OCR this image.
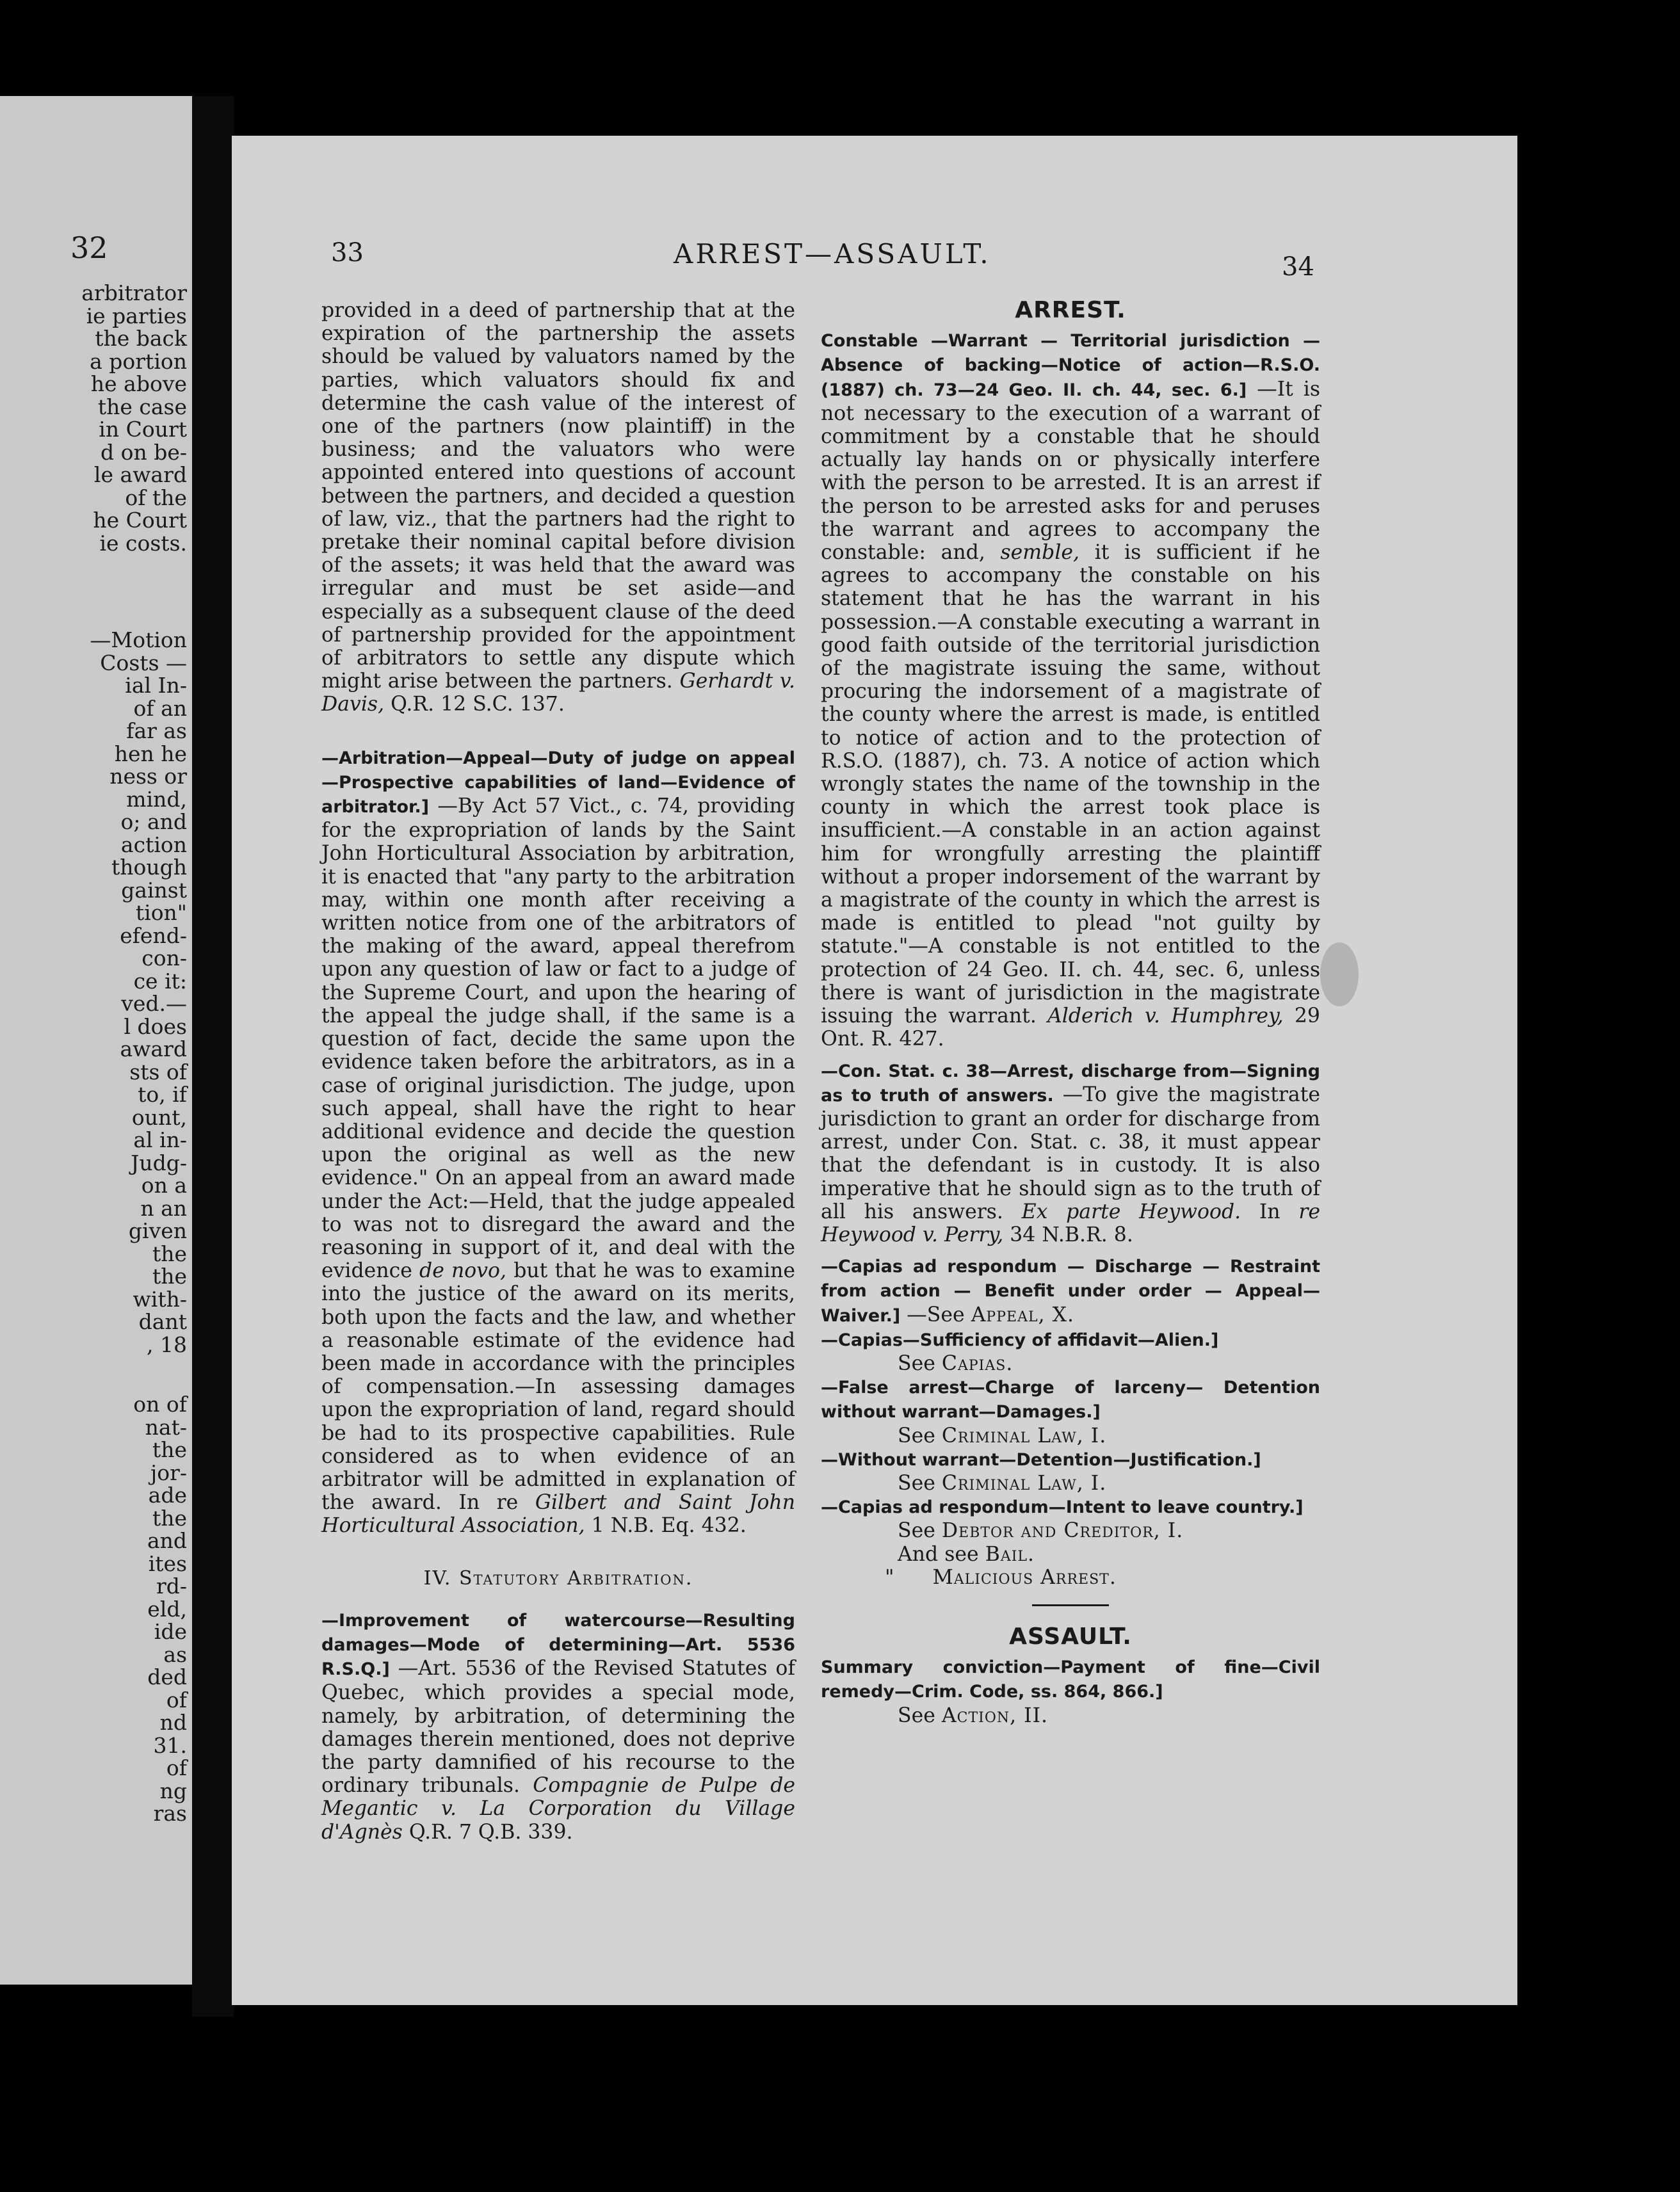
32
arbitrator
ie parties
the back
a portion
he above
the case
in Court
d on be-
le award
of the
he Court
ie costs.
—Motion
Costs —
ial In-
of an
far as
hen he
ness or
mind,
o; and
action
though
gainst
tion"
efend-
con-
ce it:
ved.—
l does
award
sts of
to, if
ount,
al in-
Judg-
on a
n an
given
the
the
with-
dant
, 18
on of
nat-
the
jor-
ade
the
and
ites
rd-
eld,
ide
as
ded
of
nd
31.
of
ng
ras
33	ARREST—ASSAULT.	34

provided in a deed of partnership that at the expiration of the partnership the assets should be valued by valuators named by the parties, which valuators should fix and determine the cash value of the interest of one of the partners (now plaintiff) in the business; and the valuators who were appointed entered into questions of account between the partners, and decided a question of law, viz., that the partners had the right to pretake their nominal capital before division of the assets; it was held that the award was irregular and must be set aside—and especially as a subsequent clause of the deed of partnership provided for the appointment of arbitrators to settle any dispute which might arise between the partners. Gerhardt v. Davis, Q.R. 12 S.C. 137.

—Arbitration—Appeal—Duty of judge on appeal —Prospective capabilities of land—Evidence of arbitrator.] —By Act 57 Vict., c. 74, providing for the expropriation of lands by the Saint John Horticultural Association by arbitration, it is enacted that "any party to the arbitration may, within one month after receiving a written notice from one of the arbitrators of the making of the award, appeal therefrom upon any question of law or fact to a judge of the Supreme Court, and upon the hearing of the appeal the judge shall, if the same is a question of fact, decide the same upon the evidence taken before the arbitrators, as in a case of original jurisdiction. The judge, upon such appeal, shall have the right to hear additional evidence and decide the question upon the original as well as the new evidence." On an appeal from an award made under the Act:—Held, that the judge appealed to was not to disregard the award and the reasoning in support of it, and deal with the evidence de novo, but that he was to examine into the justice of the award on its merits, both upon the facts and the law, and whether a reasonable estimate of the evidence had been made in accordance with the principles of compensation.—In assessing damages upon the expropriation of land, regard should be had to its prospective capabilities. Rule considered as to when evidence of an arbitrator will be admitted in explanation of the award. In re Gilbert and Saint John Horticultural Association, 1 N.B. Eq. 432.

IV. Statutory Arbitration.

—Improvement of watercourse—Resulting damages—Mode of determining—Art. 5536 R.S.Q.] —Art. 5536 of the Revised Statutes of Quebec, which provides a special mode, namely, by arbitration, of determining the damages therein mentioned, does not deprive the party damnified of his recourse to the ordinary tribunals. Compagnie de Pulpe de Megantic v. La Corporation du Village d'Agnès Q.R. 7 Q.B. 339.

ARREST.

Constable —Warrant — Territorial jurisdiction —Absence of backing—Notice of action—R.S.O. (1887) ch. 73—24 Geo. II. ch. 44, sec. 6.] —It is not necessary to the execution of a warrant of commitment by a constable that he should actually lay hands on or physically interfere with the person to be arrested. It is an arrest if the person to be arrested asks for and peruses the warrant and agrees to accompany the constable: and, semble, it is sufficient if he agrees to accompany the constable on his statement that he has the warrant in his possession.—A constable executing a warrant in good faith outside of the territorial jurisdiction of the magistrate issuing the same, without procuring the indorsement of a magistrate of the county where the arrest is made, is entitled to notice of action and to the protection of R.S.O. (1887), ch. 73. A notice of action which wrongly states the name of the township in the county in which the arrest took place is insufficient.—A constable in an action against him for wrongfully arresting the plaintiff without a proper indorsement of the warrant by a magistrate of the county in which the arrest is made is entitled to plead "not guilty by statute."—A constable is not entitled to the protection of 24 Geo. II. ch. 44, sec. 6, unless there is want of jurisdiction in the magistrate issuing the warrant. Alderich v. Humphrey, 29 Ont. R. 427.

—Con. Stat. c. 38—Arrest, discharge from—Signing as to truth of answers. —To give the magistrate jurisdiction to grant an order for discharge from arrest, under Con. Stat. c. 38, it must appear that the defendant is in custody. It is also imperative that he should sign as to the truth of all his answers. Ex parte Heywood. In re Heywood v. Perry, 34 N.B.R. 8.

—Capias ad respondum — Discharge — Restraint from action — Benefit under order — Appeal—Waiver.] —See Appeal, X.

—Capias—Sufficiency of affidavit—Alien.]

See Capias.

—False arrest—Charge of larceny— Detention without warrant—Damages.]

See Criminal Law, I.

—Without warrant—Detention—Justification.]

See Criminal Law, I.

—Capias ad respondum—Intent to leave country.]

See Debtor and Creditor, I.

And see Bail.

" Malicious Arrest.

ASSAULT.

Summary conviction—Payment of fine—Civil remedy—Crim. Code, ss. 864, 866.]

See Action, II.
